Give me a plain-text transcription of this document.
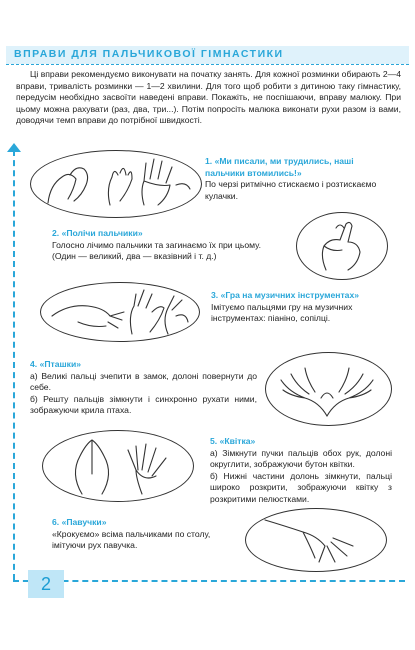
ВПРАВИ ДЛЯ ПАЛЬЧИКОВОЇ ГІМНАСТИКИ
Ці вправи рекомендуємо виконувати на початку занять. Для кожної розминки обирають 2—4 вправи, тривалість розминки — 1—2 хвилини. Для того щоб робити з дитиною таку гімнастику, передусім необхідно засвоїти наведені вправи. Покажіть, не поспішаючи, вправу малюку. При цьому можна рахувати (раз, два, три...). Потім попросіть малюка виконати рухи разом із вами, доводячи темп вправи до потрібної швидкості.
1. «Ми писали, ми трудились, наші пальчики втомились!»
По черзі ритмічно стискаємо і розтискаємо кулачки.
2. «Полічи пальчики»
Голосно лічимо пальчики та загинаємо їх при цьому. (Один — великий, два — вказівний і т. д.)
3. «Гра на музичних інструментах»
Імітуємо пальцями гру на музичних інструментах: піаніно, сопілці.
4. «Пташки»
а) Великі пальці зчепити в замок, долоні повернути до себе.
б) Решту пальців зімкнути і синхронно рухати ними, зображуючи крила птаха.
5. «Квітка»
а) Зімкнути пучки пальців обох рук, долоні округлити, зображуючи бутон квітки.
б) Нижні частини долонь зімкнути, пальці широко розкрити, зображуючи квітку з розкритими пелюстками.
6. «Павучки»
«Крокуємо» всіма пальчиками по столу, імітуючи рух павучка.
2
